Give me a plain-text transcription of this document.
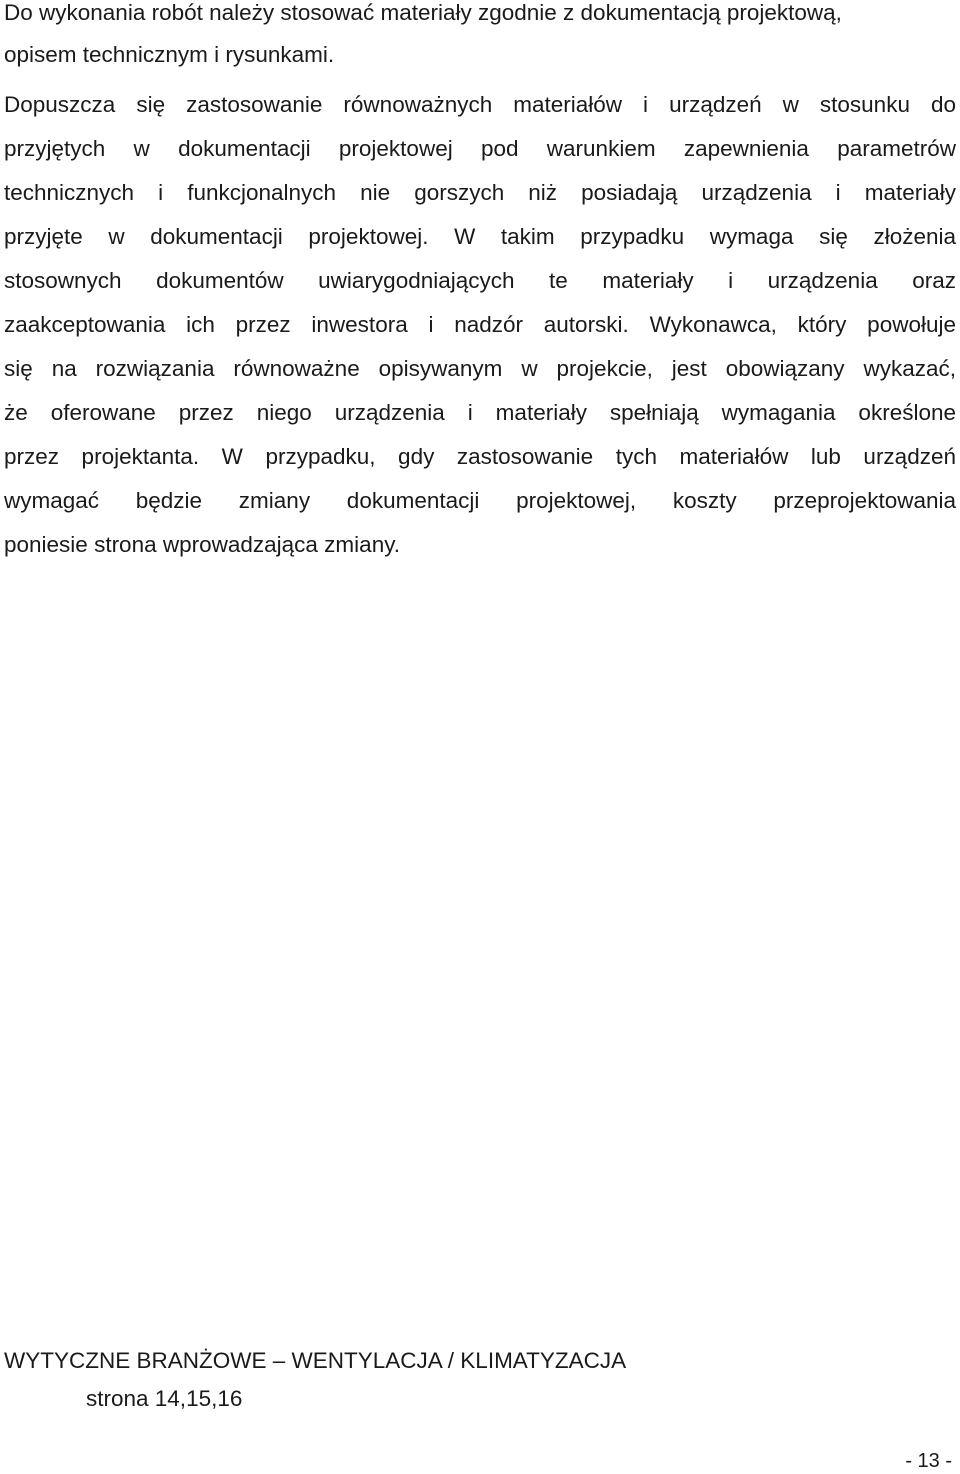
Do wykonania robót należy stosować materiały zgodnie z dokumentacją projektową,
opisem technicznym i rysunkami.
Dopuszcza się zastosowanie równoważnych materiałów i urządzeń w stosunku do
przyjętych w dokumentacji projektowej pod warunkiem zapewnienia parametrów
technicznych i funkcjonalnych nie gorszych niż posiadają urządzenia i materiały
przyjęte w dokumentacji projektowej. W takim przypadku wymaga się złożenia
stosownych dokumentów uwiarygodniających te materiały i urządzenia oraz
zaakceptowania ich przez inwestora i nadzór autorski. Wykonawca, który powołuje
się na rozwiązania równoważne opisywanym w projekcie, jest obowiązany wykazać,
że oferowane przez niego urządzenia i materiały spełniają wymagania określone
przez projektanta. W przypadku, gdy zastosowanie tych materiałów lub urządzeń
wymagać będzie zmiany dokumentacji projektowej, koszty przeprojektowania
poniesie strona wprowadzająca zmiany.
WYTYCZNE BRANŻOWE – WENTYLACJA / KLIMATYZACJA
strona 14,15,16
- 13 -
